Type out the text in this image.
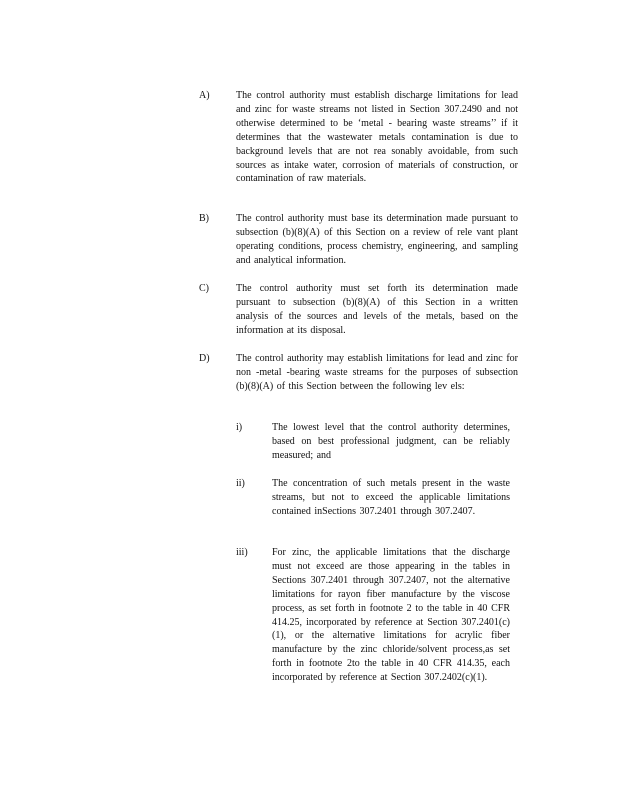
A)	The control authority must establish discharge limitations for lead and zinc for waste streams not listed in Section 307.2490 and not otherwise determined to be ‘metal - bearing waste streams’’ if it determines that the wastewater metals contamination is due to background levels that are not rea sonably avoidable, from such sources as intake water, corrosion of materials of construction, or contamination of raw materials.
B)	The control authority must base its determination made pursuant to subsection (b)(8)(A) of this Section on a review of rele vant plant operating conditions, process chemistry, engineering, and sampling and analytical information.
C)	The control authority must set forth its determination made pursuant to subsection (b)(8)(A) of this Section in a written analysis of the sources and levels of the metals, based on the information at its disposal.
D)	The control authority may establish limitations for lead and zinc for non -metal -bearing waste streams for the purposes of subsection (b)(8)(A) of this Section between the following lev els:
i)	The lowest level that the control authority determines, based on best professional judgment, can be reliably measured; and
ii)	The concentration of such metals present in the waste streams, but not to exceed the applicable limitations contained inSections 307.2401 through 307.2407.
iii) For zinc, the applicable limitations that the discharge must not exceed are those appearing in the tables in Sections 307.2401 through 307.2407, not the alternative limitations for rayon fiber manufacture by the viscose process, as set forth in footnote 2 to the table in 40 CFR 414.25, incorporated by reference at Section 307.2401(c)(1), or the alternative limitations for acrylic fiber manufacture by the zinc chloride/solvent process,as set forth in footnote 2to the table in 40 CFR 414.35, each incorporated by reference at Section 307.2402(c)(1).
